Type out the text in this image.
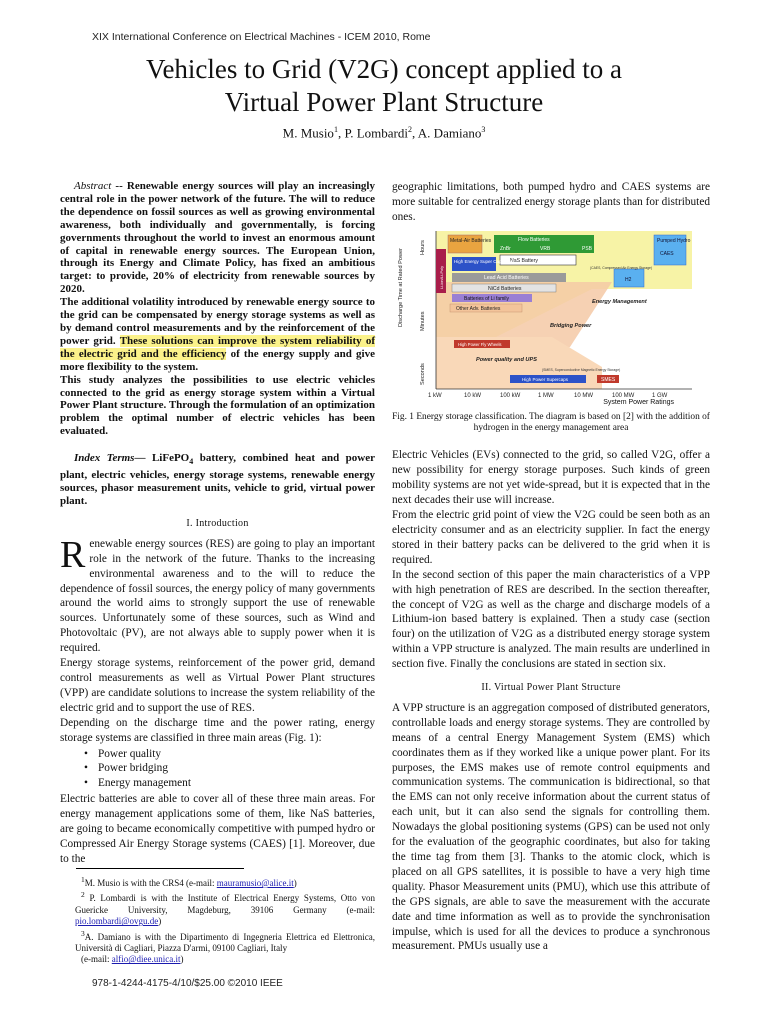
XIX International Conference on Electrical Machines - ICEM 2010, Rome
Vehicles to Grid (V2G) concept applied to a
Virtual Power Plant Structure
M. Musio$^1$, P. Lombardi$^2$, A. Damiano$^3$
Abstract -- Renewable energy sources will play an increasingly central role in the power network of the future. The will to reduce the dependence on fossil sources as well as growing environmental awareness, both individually and governmentally, is forcing governments throughout the world to invest an enormous amount of capital in renewable energy sources. The European Union, through its Energy and Climate Policy, has fixed an ambitious target: to provide, 20% of electricity from renewable sources by 2020.
The additional volatility introduced by renewable energy source to the grid can be compensated by energy storage systems as well as by demand control measurements and by the reinforcement of the power grid. These solutions can improve the system reliability of the electric grid and the efficiency of the energy supply and give more flexibility to the system.
This study analyzes the possibilities to use electric vehicles connected to the grid as energy storage system within a Virtual Power Plant structure. Through the formulation of an optimization problem the optimal number of electric vehicles has been evaluated.
Index Terms— LiFePO$_4$ battery, combined heat and power plant, electric vehicles, energy storage systems, renewable energy sources, phasor measurement units, vehicle to grid, virtual power plant.
I. Introduction
Renewable energy sources (RES) are going to play an important role in the network of the future. Thanks to the increasing environmental awareness and to the will to reduce the dependence of fossil sources, the energy policy of many governments around the world aims to strongly support the use of renewable sources. Unfortunately some of these sources, such as Wind and Photovoltaic (PV), are not always able to supply power when it is required.
Energy storage systems, reinforcement of the power grid, demand control measurements as well as Virtual Power Plant structures (VPP) are candidate solutions to increase the system reliability of the electric grid and to support the use of RES.
Depending on the discharge time and the power rating, energy storage systems are classified in three main areas (Fig. 1):
• Power quality
• Power bridging
• Energy management
Electric batteries are able to cover all of these three main areas. For energy management applications some of them, like NaS batteries, are going to became economically competitive with pumped hydro or Compressed Air Energy Storage systems (CAES) [1]. Moreover, due to the
geographic limitations, both pumped hydro and CAES systems are more suitable for centralized energy storage plants than for distributed ones.
Metal-Air Batteries	Flow Batteries
ZnBr	VRB	PSB
Pumped Hydro
CAES
NaS Battery
High Energy Super Capacitors
Li-ion/Li-Poly	Lead Acid Batteries
NiCd Batteries
Batteries of Li family
Other Adv. Batteries
H2
High Power Fly Wheels
High Power Supercaps	SMES
Energy Management
Bridging Power
Power quality and UPS
(SMES, Superconductive Magnetic Energy Storage)
(CAES, Compressed Air Energy Storage)
Discharge Time at Rated Power
Hours
Minutes
Seconds
1 kW	10 kW	100 kW	1 MW	10 MW	100 MW	1 GW
System Power Ratings
Fig. 1 Energy storage classification. The diagram is based on [2] with the addition of hydrogen in the energy management area
Electric Vehicles (EVs) connected to the grid, so called V2G, offer a new possibility for energy storage purposes. Such kinds of green mobility systems are not yet wide-spread, but it is expected that in the next decades their use will increase.
From the electric grid point of view the V2G could be seen both as an electricity consumer and as an electricity supplier. In fact the energy stored in their battery packs can be delivered to the grid when it is required.
In the second section of this paper the main characteristics of a VPP with high penetration of RES are described. In the section thereafter, the concept of V2G as well as the charge and discharge models of a Lithium-ion based battery is explained. Then a study case (section four) on the utilization of V2G as a distributed energy storage system within a VPP structure is analyzed. The main results are underlined in section five. Finally the conclusions are stated in section six.
II. Virtual Power Plant Structure
A VPP structure is an aggregation composed of distributed generators, controllable loads and energy storage systems. They are controlled by means of a central Energy Management System (EMS) which coordinates them as if they worked like a unique power plant. For its purposes, the EMS makes use of remote control equipments and communication systems. The communication is bidirectional, so that the EMS can not only receive information about the current status of each unit, but it can also send the signals for controlling them. Nowadays the global positioning systems (GPS) can be used not only for the evaluation of the geographic coordinates, but also for taking the time tag from them [3]. Thanks to the atomic clock, which is placed on all GPS satellites, it is possible to have a very high time quality. Phasor Measurement units (PMU), which use this attribute of the GPS signals, are able to save the measurement with the accurate date and time information as well as to provide the synchronisation impulse, which is used for all the devices to produce a synchronous measurement. PMUs usually use a
$^1$M. Musio is with the CRS4 (e-mail: mauramusio@alice.it)
$^2$ P. Lombardi is with the Institute of Electrical Energy Systems, Otto von Guericke University, Magdeburg, 39106 Germany (e-mail: pio.lombardi@ovgu.de)
$^3$A. Damiano is with the Dipartimento di Ingegneria Elettrica ed Elettronica, Università di Cagliari, Piazza D'armi, 09100 Cagliari, Italy
(e-mail: alfio@diee.unica.it)
978-1-4244-4175-4/10/$25.00 ©2010 IEEE
